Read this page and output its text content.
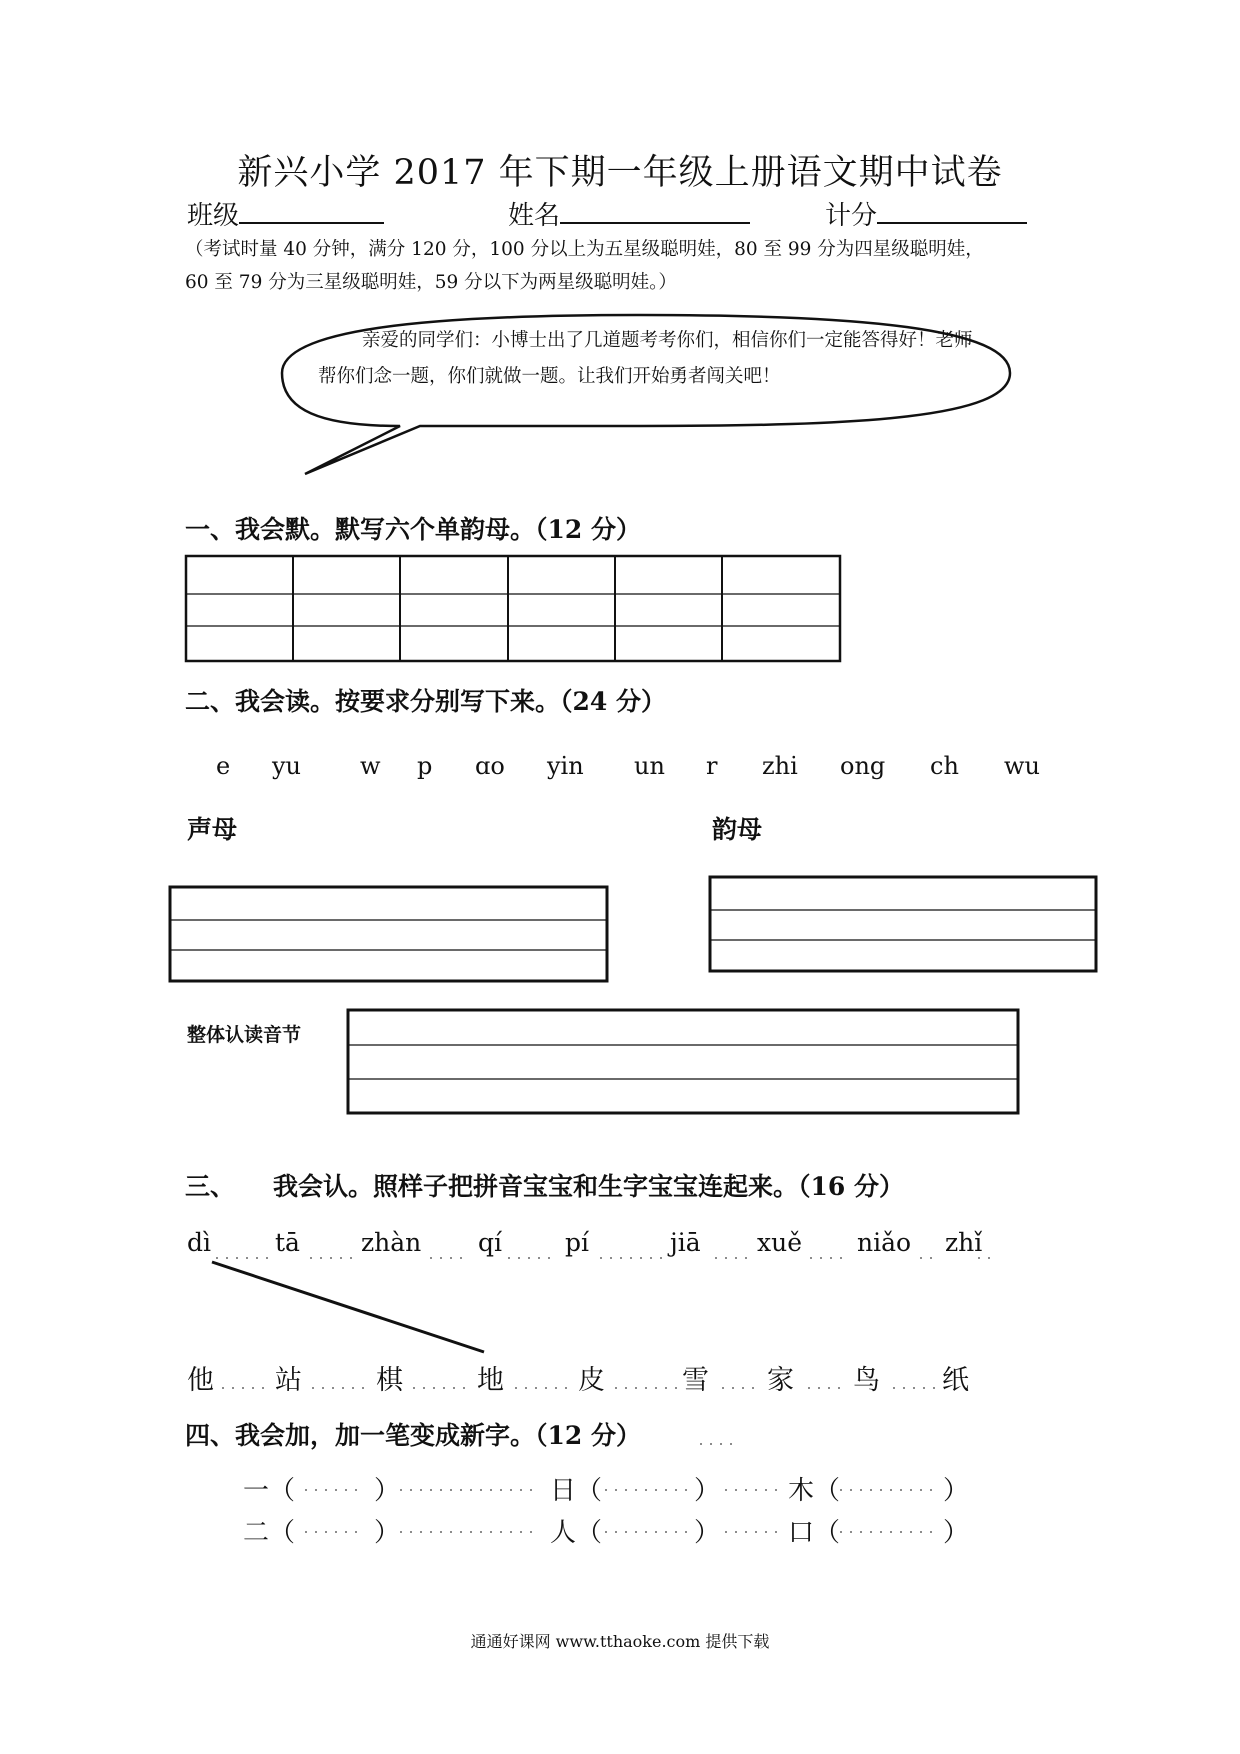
新兴小学 2017 年下期一年级上册语文期中试卷
班级	姓名	计分
（考试时量 40 分钟，满分 120 分，100 分以上为五星级聪明娃，80 至 99 分为四星级聪明娃，
60 至 79 分为三星级聪明娃，59 分以下为两星级聪明娃。）
亲爱的同学们：小博士出了几道题考考你们，相信你们一定能答得好！老师帮你们念一题，你们就做一题。让我们开始勇者闯关吧！
一、我会默。默写六个单韵母。（12 分）
二、我会读。按要求分别写下来。（24 分）
e yu w p ɑo yin un r zhi ong ch wu
声母	韵母
整体认读音节
三、 我会认。照样子把拼音宝宝和生字宝宝连起来。（16 分）
dì	tā zhàn qí	pí	jiā xuě niǎo zhǐ
他 站	棋	地	皮	雪 家 鸟 纸
四、我会加，加一笔变成新字。（12 分）
一（	）	日（	）	木（	）
二（	）	人（	）	口（	）
通通好课网 www.tthaoke.com 提供下载
